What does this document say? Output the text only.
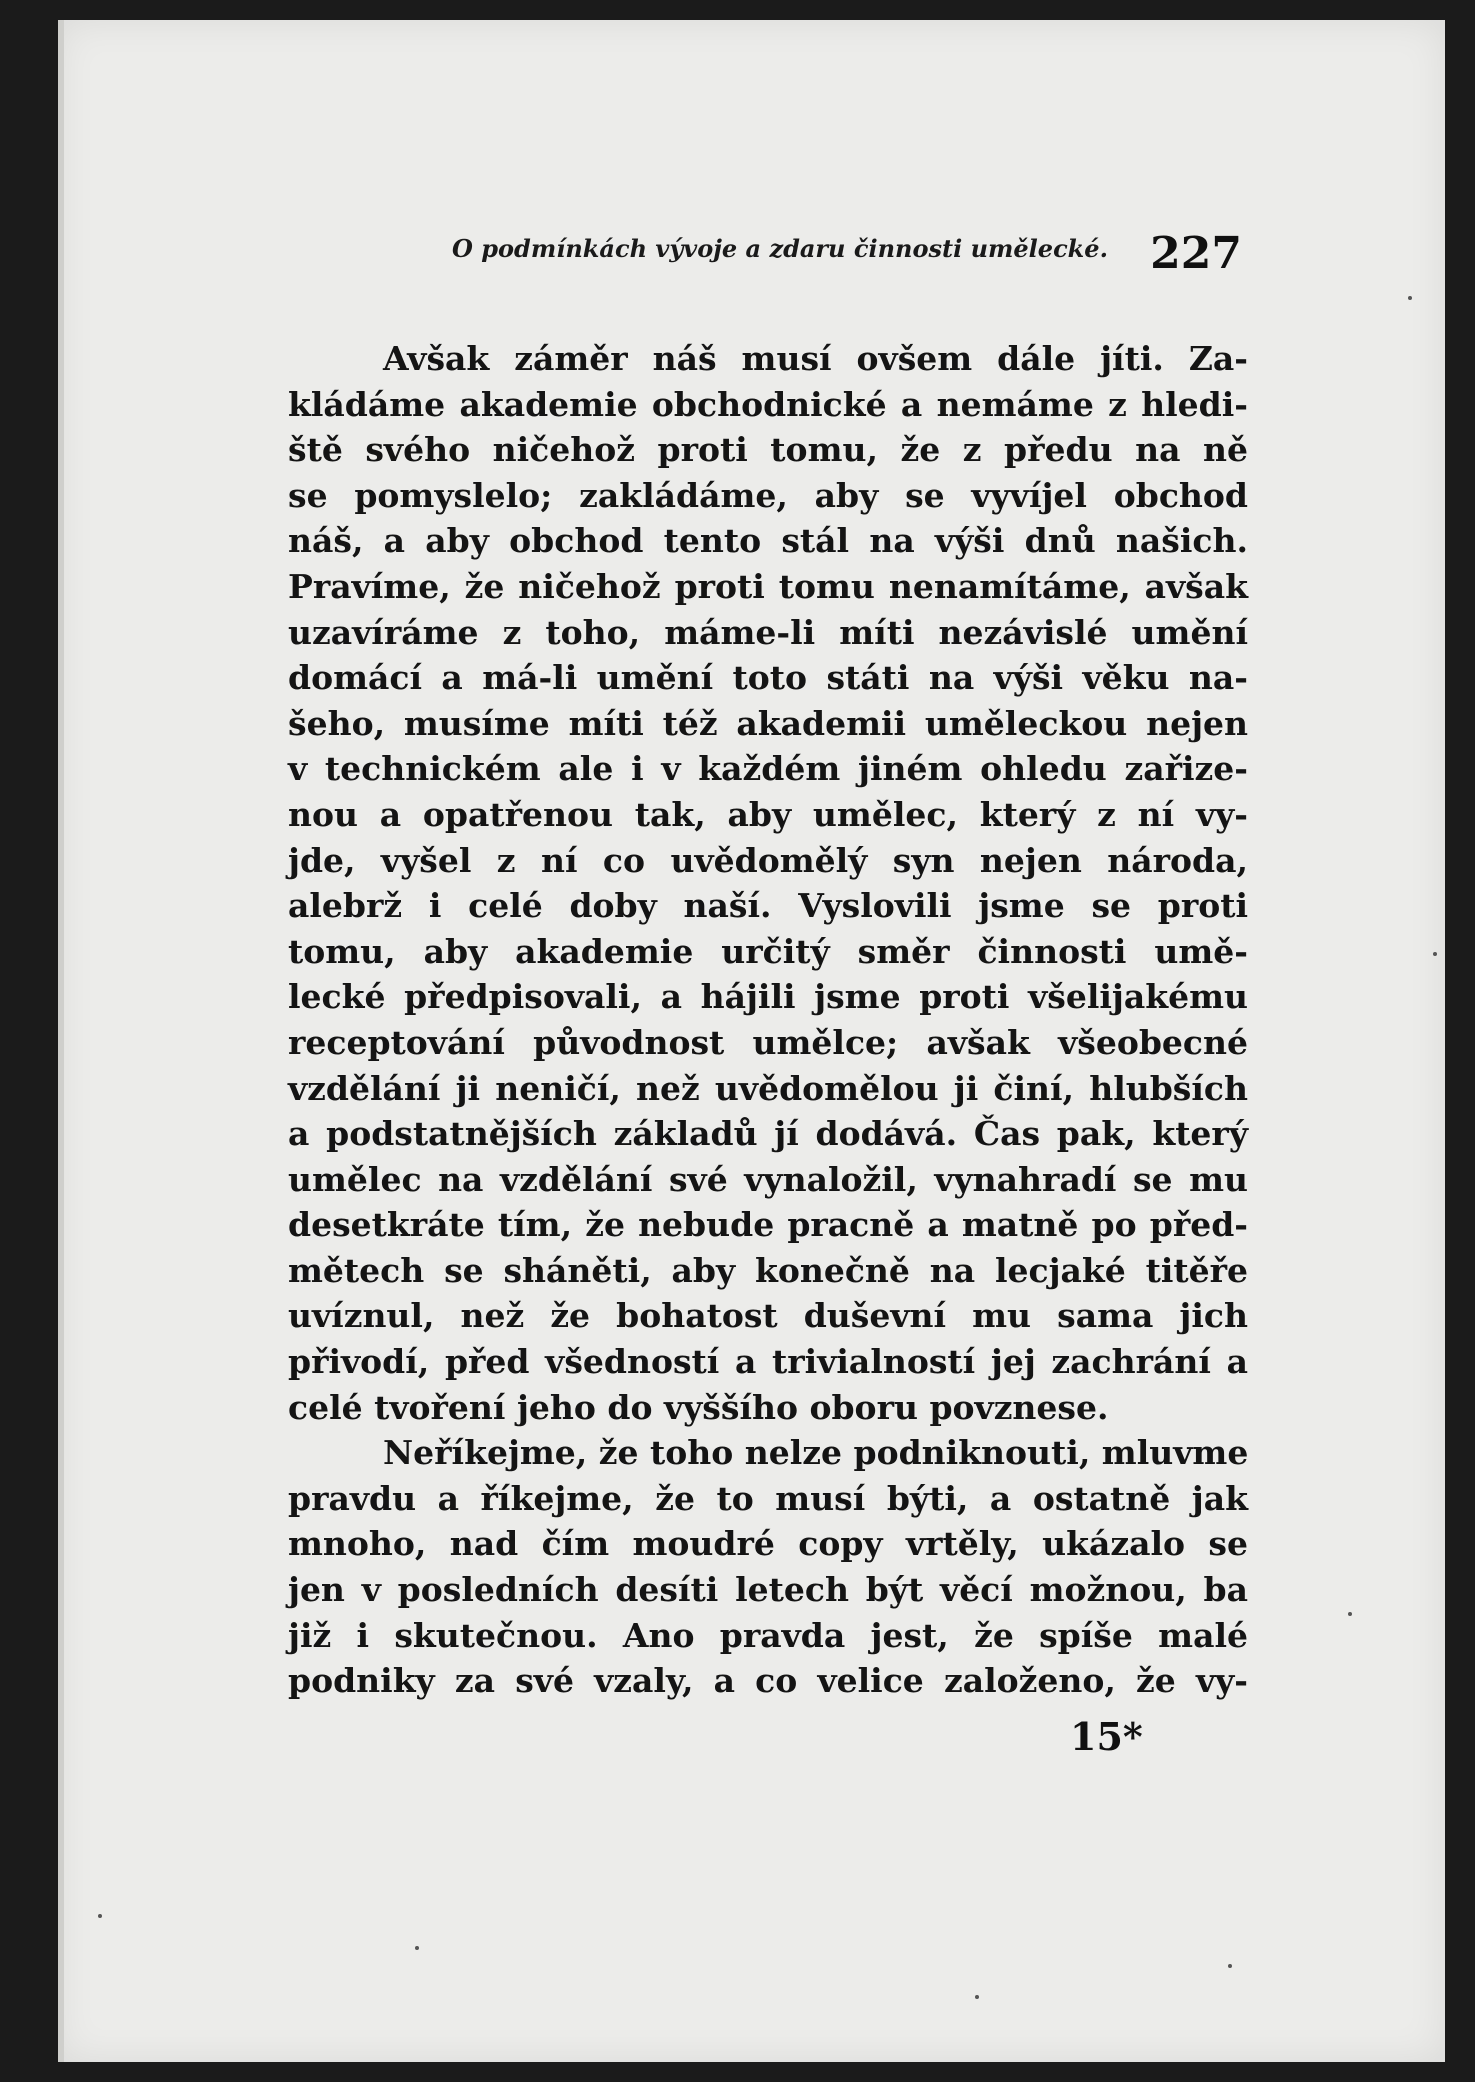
O podmínkách vývoje a zdaru činnosti umělecké. 227
Avšak záměr náš musí ovšem dále jíti. Za-
kládáme akademie obchodnické a nemáme z hledi-
ště svého ničehož proti tomu, že z předu na ně
se pomyslelo; zakládáme, aby se vyvíjel obchod
náš, a aby obchod tento stál na výši dnů našich.
Pravíme, že ničehož proti tomu nenamítáme, avšak
uzavíráme z toho, máme-li míti nezávislé umění
domácí a má-li umění toto státi na výši věku na-
šeho, musíme míti též akademii uměleckou nejen
v technickém ale i v každém jiném ohledu zařize-
nou a opatřenou tak, aby umělec, který z ní vy-
jde, vyšel z ní co uvědomělý syn nejen národa,
alebrž i celé doby naší. Vyslovili jsme se proti
tomu, aby akademie určitý směr činnosti umě-
lecké předpisovali, a hájili jsme proti všelijakému
receptování původnost umělce; avšak všeobecné
vzdělání ji neničí, než uvědomělou ji činí, hlubších
a podstatnějších základů jí dodává. Čas pak, který
umělec na vzdělání své vynaložil, vynahradí se mu
desetkráte tím, že nebude pracně a matně po před-
mětech se sháněti, aby konečně na lecjaké titěře
uvíznul, než že bohatost duševní mu sama jich
přivodí, před všedností a trivialností jej zachrání a
celé tvoření jeho do vyššího oboru povznese.
Neříkejme, že toho nelze podniknouti, mluvme
pravdu a říkejme, že to musí býti, a ostatně jak
mnoho, nad čím moudré copy vrtěly, ukázalo se
jen v posledních desíti letech být věcí možnou, ba
již i skutečnou. Ano pravda jest, že spíše malé
podniky za své vzaly, a co velice založeno, že vy-
15*
